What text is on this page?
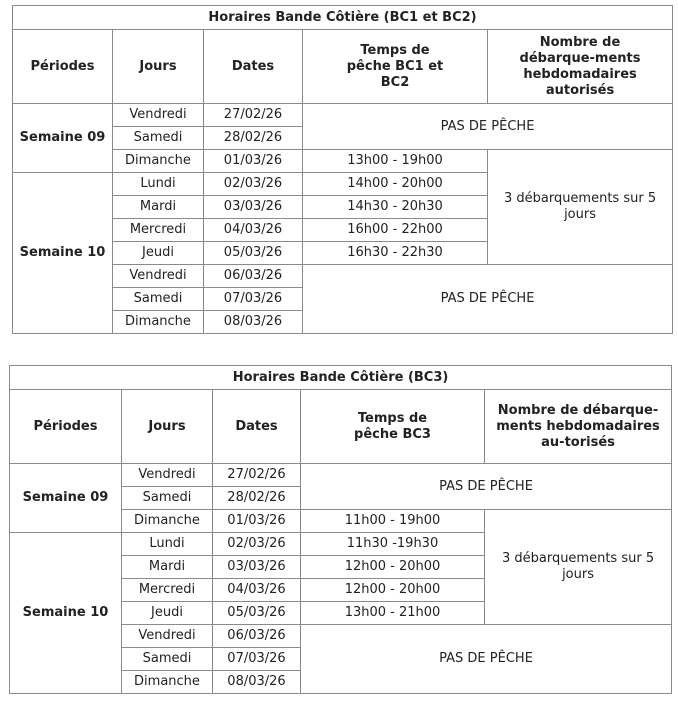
Horaires Bande Côtière (BC1 et BC2)				
Périodes	Jours	Dates	Temps de pêche BC1 et BC2	Nombre de débarque-ments hebdomadaires autorisés
Semaine 09	Vendredi	27/02/26	PAS DE PÊCHE	
	Samedi	28/02/26		
	Dimanche	01/03/26	13h00 - 19h00	3 débarquements sur 5 jours
Semaine 10	Lundi	02/03/26	14h00 - 20h00	
	Mardi	03/03/26	14h30 - 20h30	
	Mercredi	04/03/26	16h00 - 22h00	
	Jeudi	05/03/26	16h30 - 22h30	
	Vendredi	06/03/26	PAS DE PÊCHE	
	Samedi	07/03/26		
	Dimanche	08/03/26		
Horaires Bande Côtière (BC3)				
Périodes	Jours	Dates	Temps de pêche BC3	Nombre de débarque-ments hebdomadaires au-torisés
Semaine 09	Vendredi	27/02/26	PAS DE PÊCHE	
	Samedi	28/02/26		
	Dimanche	01/03/26	11h00 - 19h00	3 débarquements sur 5 jours
Semaine 10	Lundi	02/03/26	11h30 -19h30	
	Mardi	03/03/26	12h00 - 20h00	
	Mercredi	04/03/26	12h00 - 20h00	
	Jeudi	05/03/26	13h00 - 21h00	
	Vendredi	06/03/26	PAS DE PÊCHE	
	Samedi	07/03/26		
	Dimanche	08/03/26		
